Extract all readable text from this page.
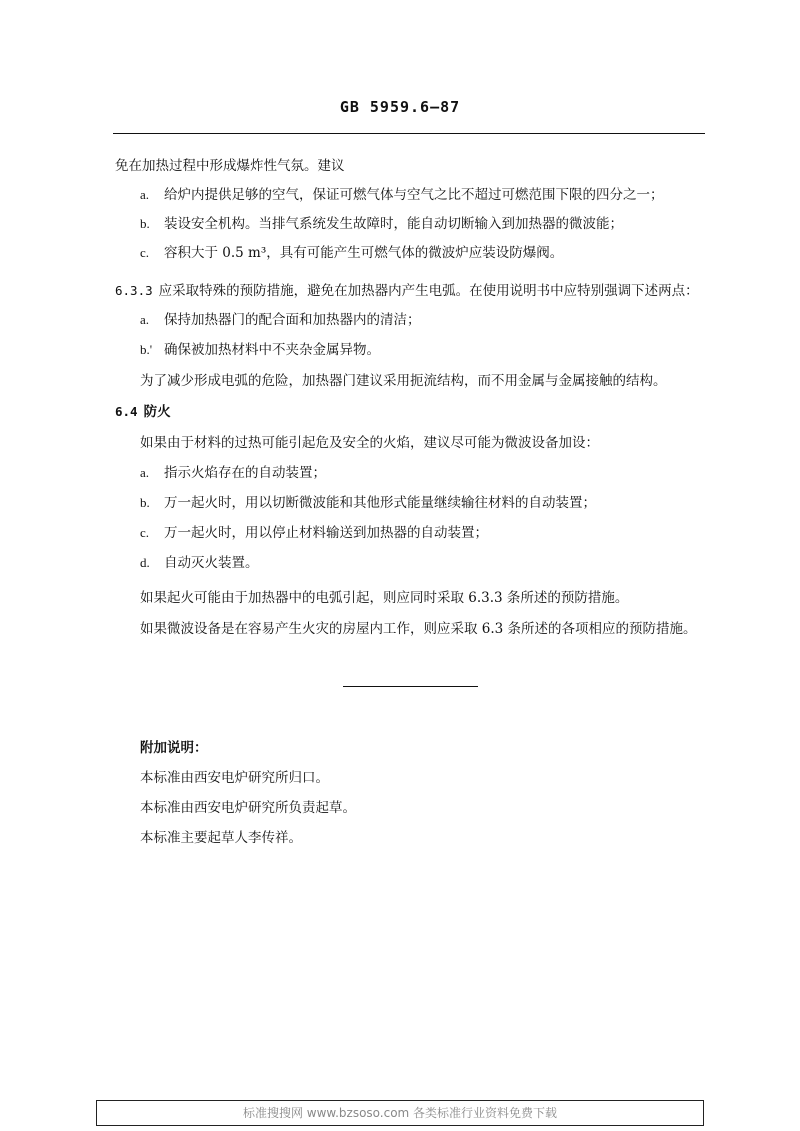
GB 5959.6—87
免在加热过程中形成爆炸性气氛。建议
a. 给炉内提供足够的空气，保证可燃气体与空气之比不超过可燃范围下限的四分之一；
b. 装设安全机构。当排气系统发生故障时，能自动切断输入到加热器的微波能；
c. 容积大于 0.5 m³，具有可能产生可燃气体的微波炉应装设防爆阀。
6.3.3 应采取特殊的预防措施，避免在加热器内产生电弧。在使用说明书中应特别强调下述两点：
a. 保持加热器门的配合面和加热器内的清洁；
b.' 确保被加热材料中不夹杂金属异物。
为了减少形成电弧的危险，加热器门建议采用扼流结构，而不用金属与金属接触的结构。
6.4 防火
如果由于材料的过热可能引起危及安全的火焰，建议尽可能为微波设备加设：
a. 指示火焰存在的自动装置；
b. 万一起火时，用以切断微波能和其他形式能量继续输往材料的自动装置；
c. 万一起火时，用以停止材料输送到加热器的自动装置；
d. 自动灭火装置。
如果起火可能由于加热器中的电弧引起，则应同时采取 6.3.3 条所述的预防措施。
如果微波设备是在容易产生火灾的房屋内工作，则应采取 6.3 条所述的各项相应的预防措施。
附加说明：
本标准由西安电炉研究所归口。
本标准由西安电炉研究所负责起草。
本标准主要起草人李传祥。
标准搜搜网 www.bzsoso.com 各类标准行业资料免费下载
